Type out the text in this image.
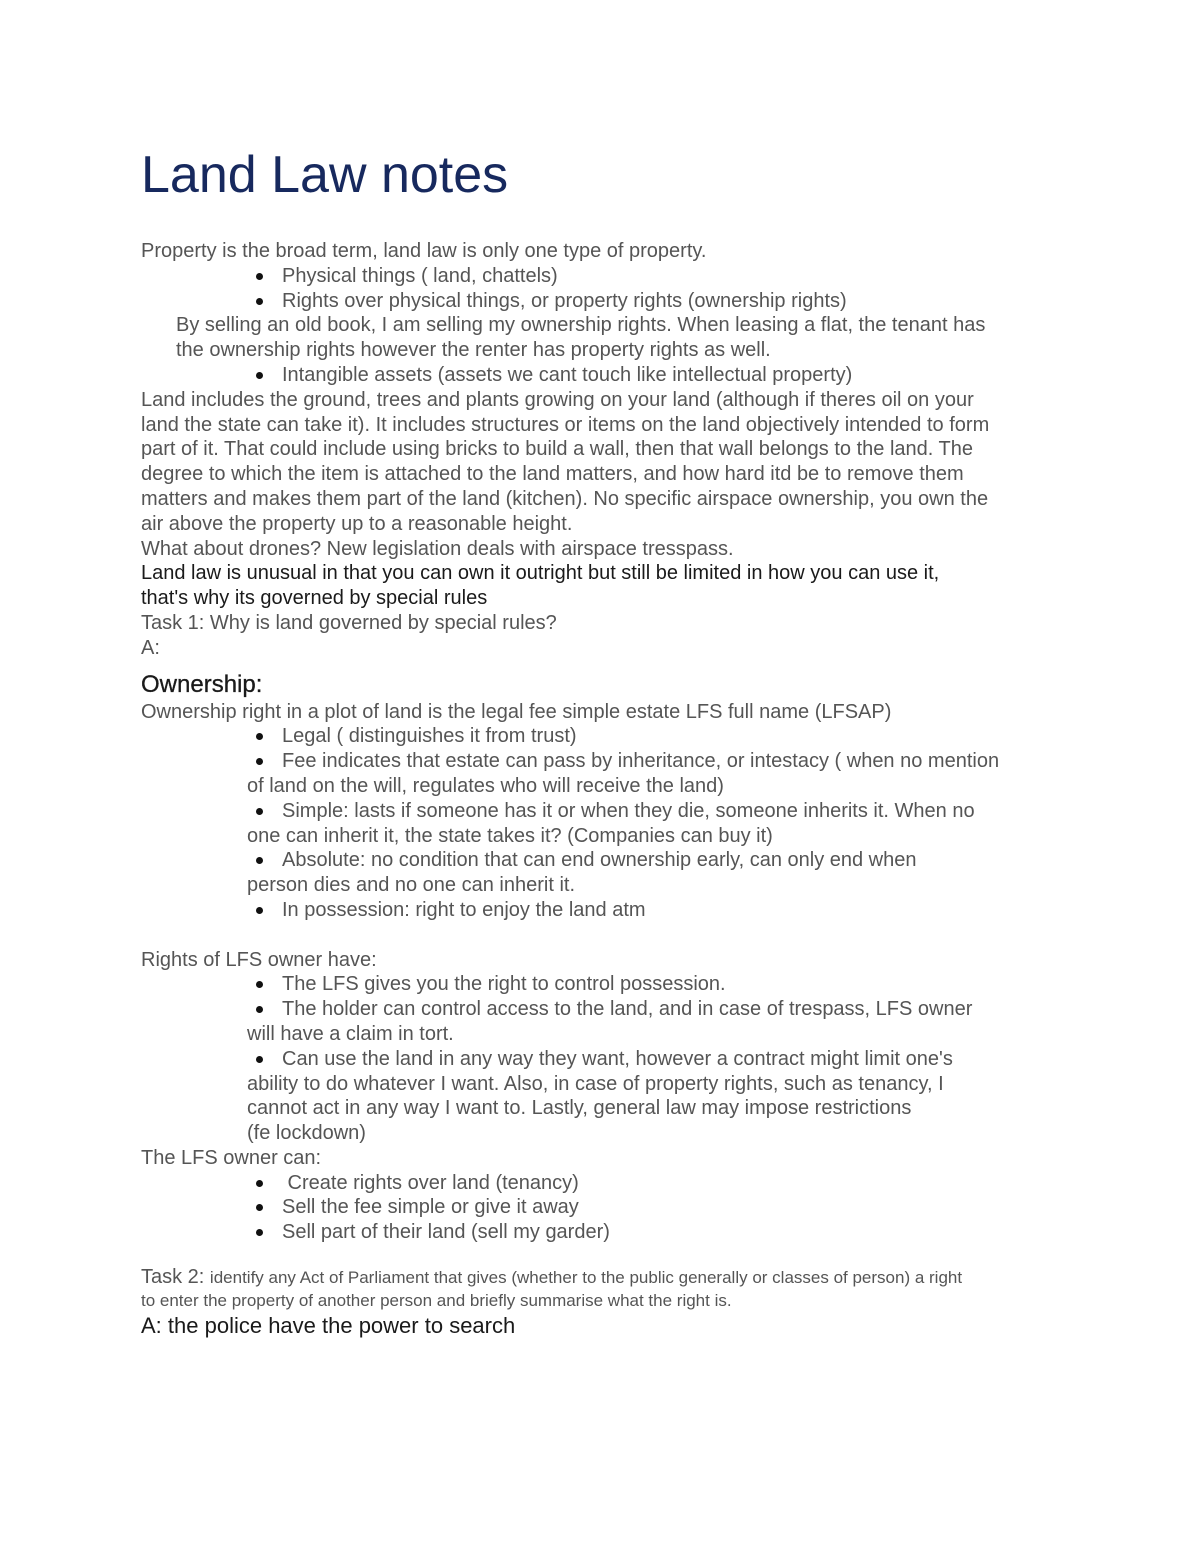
Land Law notes

Property is the broad term, land law is only one type of property.

Physical things ( land, chattels)
Rights over physical things, or property rights (ownership rights)

By selling an old book, I am selling my ownership rights. When leasing a flat, the tenant has

the ownership rights however the renter has property rights as well.

Intangible assets (assets we cant touch like intellectual property)

Land includes the ground, trees and plants growing on your land (although if theres oil on your

land the state can take it). It includes structures or items on the land objectively intended to form

part of it. That could include using bricks to build a wall, then that wall belongs to the land. The

degree to which the item is attached to the land matters, and how hard itd be to remove them

matters and makes them part of the land (kitchen). No specific airspace ownership, you own the

air above the property up to a reasonable height.

What about drones? New legislation deals with airspace tresspass.

Land law is unusual in that you can own it outright but still be limited in how you can use it,

that's why its governed by special rules

Task 1: Why is land governed by special rules?

A:

Ownership:

Ownership right in a plot of land is the legal fee simple estate LFS full name (LFSAP)

Legal ( distinguishes it from trust)
Fee indicates that estate can pass by inheritance, or intestacy ( when no mention

of land on the will, regulates who will receive the land)

Simple: lasts if someone has it or when they die, someone inherits it. When no

one can inherit it, the state takes it? (Companies can buy it)

Absolute: no condition that can end ownership early, can only end when

person dies and no one can inherit it.

In possession: right to enjoy the land atm

Rights of LFS owner have:

The LFS gives you the right to control possession.
The holder can control access to the land, and in case of trespass, LFS owner

will have a claim in tort.

Can use the land in any way they want, however a contract might limit one's

ability to do whatever I want. Also, in case of property rights, such as tenancy, I

cannot act in any way I want to. Lastly, general law may impose restrictions

(fe lockdown)

The LFS owner can:

Create rights over land (tenancy)
Sell the fee simple or give it away
Sell part of their land (sell my garder)

Task 2: identify any Act of Parliament that gives (whether to the public generally or classes of person) a right

to enter the property of another person and briefly summarise what the right is.

A: the police have the power to search
